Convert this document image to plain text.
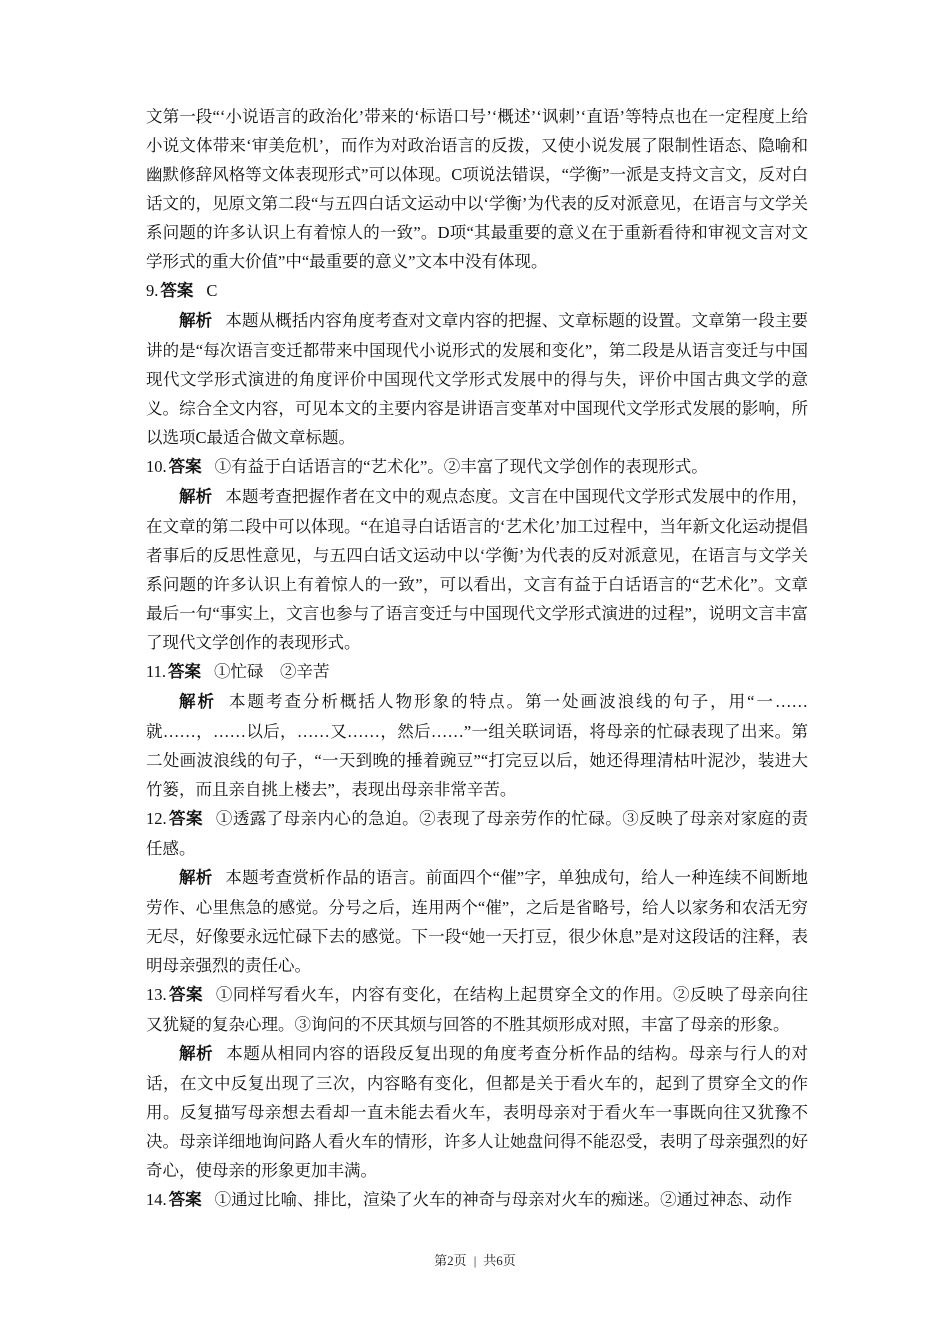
文第一段“‘小说语言的政治化’带来的‘标语口号’‘概述’‘讽刺’‘直语’等特点也在一定程度上给小说文体带来‘审美危机’，而作为对政治语言的反拨，又使小说发展了限制性语态、隐喻和幽默修辞风格等文体表现形式”可以体现。C项说法错误，“学衡”一派是支持文言文，反对白话文的，见原文第二段“与五四白话文运动中以‘学衡’为代表的反对派意见，在语言与文学关系问题的许多认识上有着惊人的一致”。D项“其最重要的意义在于重新看待和审视文言对文学形式的重大价值”中“最重要的意义”文本中没有体现。

9. 答案 C

解析 本题从概括内容角度考查对文章内容的把握、文章标题的设置。文章第一段主要讲的是“每次语言变迁都带来中国现代小说形式的发展和变化”，第二段是从语言变迁与中国现代文学形式演进的角度评价中国现代文学形式发展中的得与失，评价中国古典文学的意义。综合全文内容，可见本文的主要内容是讲语言变革对中国现代文学形式发展的影响，所以选项C最适合做文章标题。

10. 答案 ①有益于白话语言的“艺术化”。②丰富了现代文学创作的表现形式。

解析 本题考查把握作者在文中的观点态度。文言在中国现代文学形式发展中的作用，在文章的第二段中可以体现。“在追寻白话语言的‘艺术化’加工过程中，当年新文化运动提倡者事后的反思性意见，与五四白话文运动中以‘学衡’为代表的反对派意见，在语言与文学关系问题的许多认识上有着惊人的一致”，可以看出，文言有益于白话语言的“艺术化”。文章最后一句“事实上，文言也参与了语言变迁与中国现代文学形式演进的过程”，说明文言丰富了现代文学创作的表现形式。

11. 答案 ①忙碌　②辛苦

解析 本题考查分析概括人物形象的特点。第一处画波浪线的句子，用“一……就……，……以后，……又……，然后……”一组关联词语，将母亲的忙碌表现了出来。第二处画波浪线的句子，“一天到晚的捶着豌豆”“打完豆以后，她还得理清枯叶泥沙，装进大竹篓，而且亲自挑上楼去”，表现出母亲非常辛苦。

12. 答案 ①透露了母亲内心的急迫。②表现了母亲劳作的忙碌。③反映了母亲对家庭的责任感。

解析 本题考查赏析作品的语言。前面四个“催”字，单独成句，给人一种连续不间断地劳作、心里焦急的感觉。分号之后，连用两个“催”，之后是省略号，给人以家务和农活无穷无尽，好像要永远忙碌下去的感觉。下一段“她一天打豆，很少休息”是对这段话的注释，表明母亲强烈的责任心。

13. 答案 ①同样写看火车，内容有变化，在结构上起贯穿全文的作用。②反映了母亲向往又犹疑的复杂心理。③询问的不厌其烦与回答的不胜其烦形成对照，丰富了母亲的形象。

解析 本题从相同内容的语段反复出现的角度考查分析作品的结构。母亲与行人的对话，在文中反复出现了三次，内容略有变化，但都是关于看火车的，起到了贯穿全文的作用。反复描写母亲想去看却一直未能去看火车，表明母亲对于看火车一事既向往又犹豫不决。母亲详细地询问路人看火车的情形，许多人让她盘问得不能忍受，表明了母亲强烈的好奇心，使母亲的形象更加丰满。

14. 答案 ①通过比喻、排比，渲染了火车的神奇与母亲对火车的痴迷。②通过神态、动作

第2页 | 共6页
